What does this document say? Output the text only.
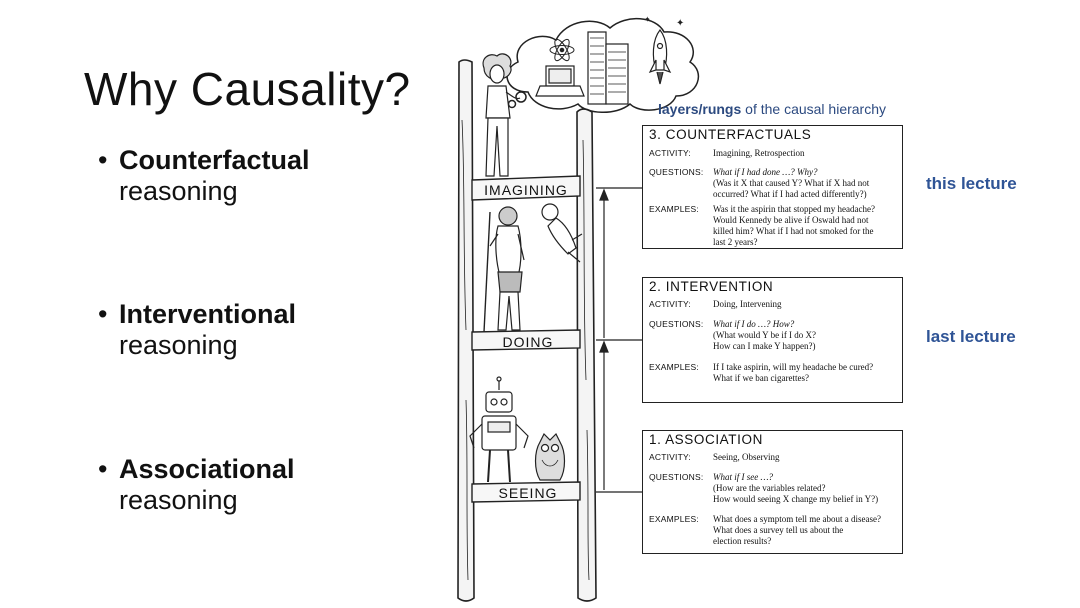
Why Causality?
• Counterfactual
reasoning
• Interventional
reasoning
• Associational
reasoning
✦
✦
IMAGINING
DOING
SEEING
layers/rungs of the causal hierarchy
3. COUNTERFACTUALS
ACTIVITY:	Imagining, Retrospection
QUESTIONS:	What if I had done …? Why?
(Was it X that caused Y? What if X had not
occurred? What if I had acted differently?)
EXAMPLES:	Was it the aspirin that stopped my headache?
Would Kennedy be alive if Oswald had not
killed him? What if I had not smoked for the
last 2 years?
2. INTERVENTION
ACTIVITY:	Doing, Intervening
QUESTIONS:	What if I do …? How?
(What would Y be if I do X?
How can I make Y happen?)
EXAMPLES:	If I take aspirin, will my headache be cured?
What if we ban cigarettes?
1. ASSOCIATION
ACTIVITY:	Seeing, Observing
QUESTIONS:	What if I see …?
(How are the variables related?
How would seeing X change my belief in Y?)
EXAMPLES:	What does a symptom tell me about a disease?
What does a survey tell us about the
election results?
this lecture
last lecture
